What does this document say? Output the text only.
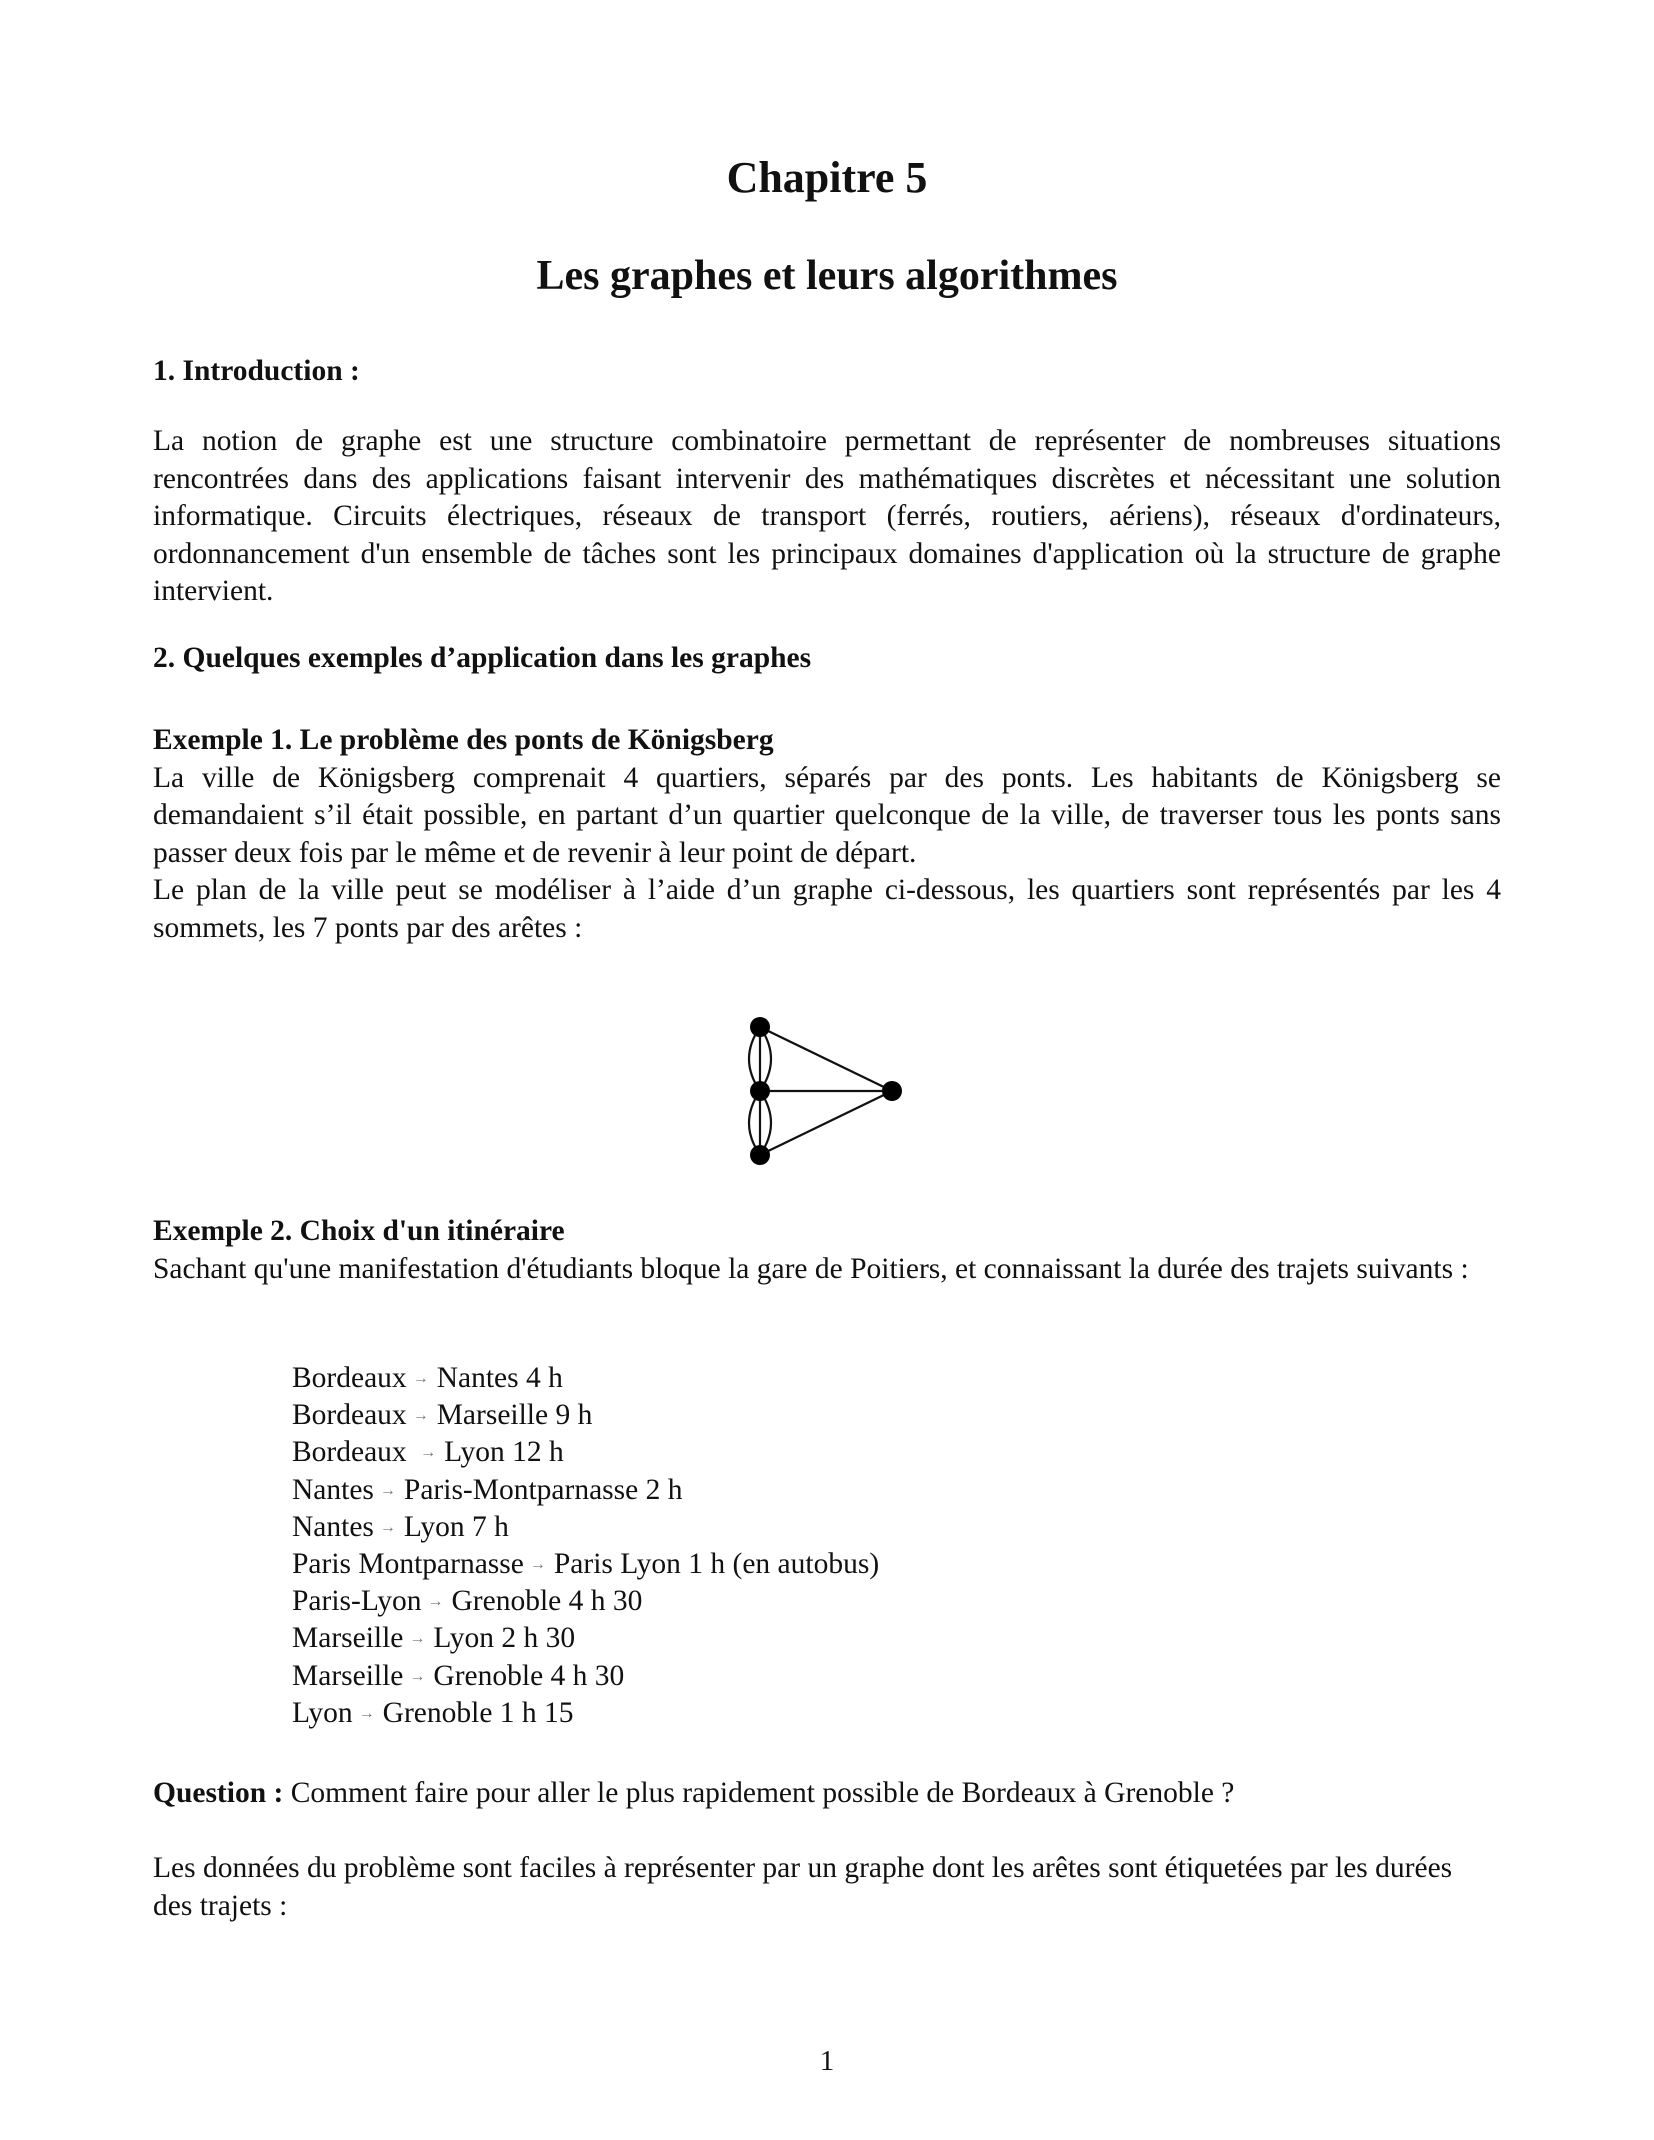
Chapitre 5
Les graphes et leurs algorithmes
1. Introduction :

La notion de graphe est une structure combinatoire permettant de représenter de nombreuses situations rencontrées dans des applications faisant intervenir des mathématiques discrètes et nécessitant une solution informatique. Circuits électriques, réseaux de transport (ferrés, routiers, aériens), réseaux d'ordinateurs, ordonnancement d'un ensemble de tâches sont les principaux domaines d'application où la structure de graphe intervient.

2. Quelques exemples d’application dans les graphes
Exemple 1. Le problème des ponts de Königsberg

La ville de Königsberg comprenait 4 quartiers, séparés par des ponts. Les habitants de Königsberg se demandaient s’il était possible, en partant d’un quartier quelconque de la ville, de traverser tous les ponts sans passer deux fois par le même et de revenir à leur point de départ.

Le plan de la ville peut se modéliser à l’aide d’un graphe ci-dessous, les quartiers sont représentés par les 4 sommets, les 7 ponts par des arêtes :

Exemple 2. Choix d'un itinéraire
Sachant qu'une manifestation d'étudiants bloque la gare de Poitiers, et connaissant la durée des trajets suivants :
Bordeaux → Nantes 4 h
Bordeaux → Marseille 9 h
Bordeaux → Lyon 12 h
Nantes → Paris-Montparnasse 2 h
Nantes → Lyon 7 h
Paris Montparnasse → Paris Lyon 1 h (en autobus)
Paris-Lyon → Grenoble 4 h 30
Marseille → Lyon 2 h 30
Marseille → Grenoble 4 h 30
Lyon → Grenoble 1 h 15
Question : Comment faire pour aller le plus rapidement possible de Bordeaux à Grenoble ?
Les données du problème sont faciles à représenter par un graphe dont les arêtes sont étiquetées par les durées des trajets :
1
